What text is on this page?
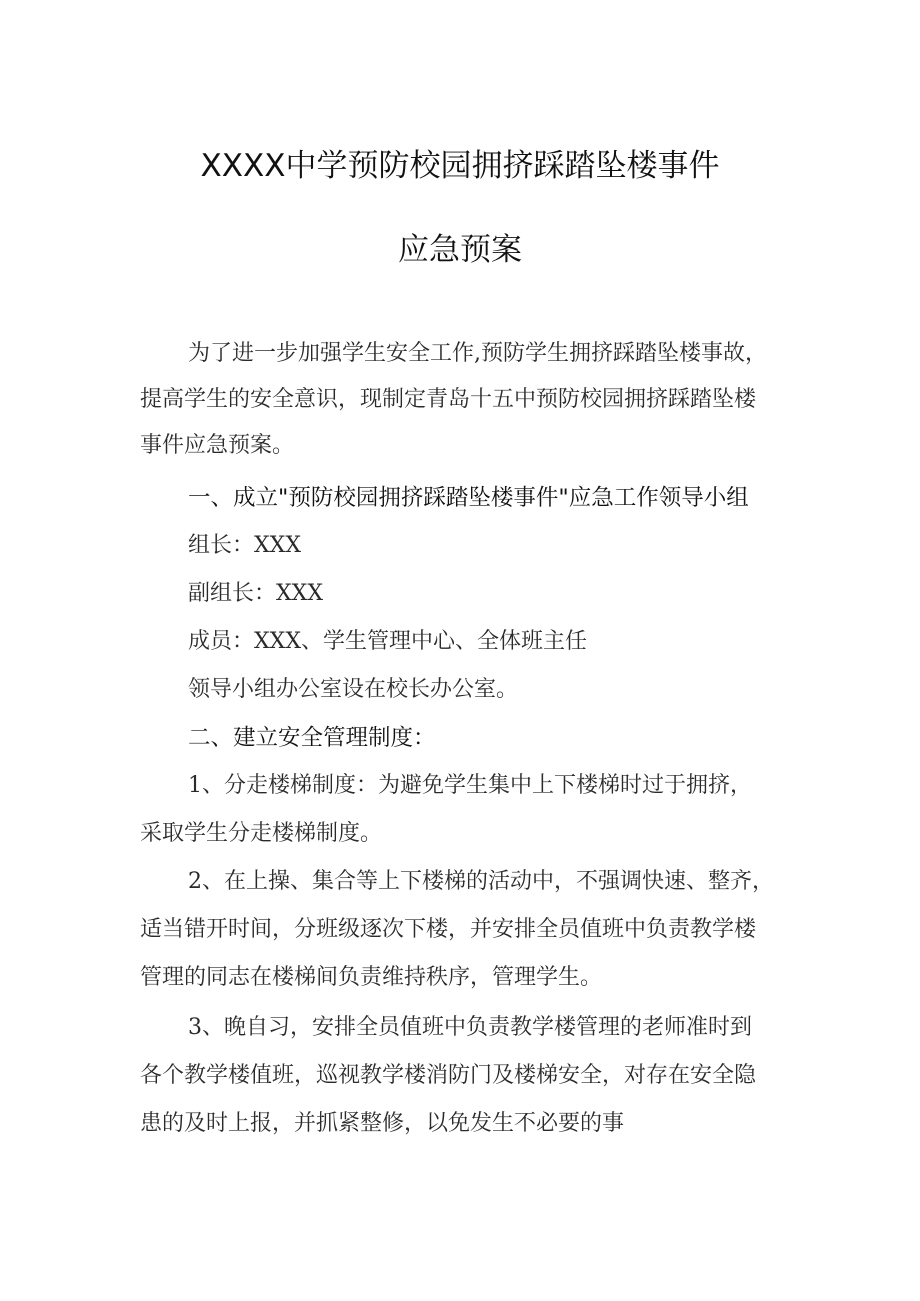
XXXX中学预防校园拥挤踩踏坠楼事件
应急预案
为了进一步加强学生安全工作,预防学生拥挤踩踏坠楼事故，
提高学生的安全意识，现制定青岛十五中预防校园拥挤踩踏坠楼
事件应急预案。
一、成立"预防校园拥挤踩踏坠楼事件"应急工作领导小组
组长：XXX
副组长：XXX
成员：XXX、学生管理中心、全体班主任
领导小组办公室设在校长办公室。
二、建立安全管理制度：
1、分走楼梯制度：为避免学生集中上下楼梯时过于拥挤，
采取学生分走楼梯制度。
2、在上操、集合等上下楼梯的活动中，不强调快速、整齐，
适当错开时间，分班级逐次下楼，并安排全员值班中负责教学楼
管理的同志在楼梯间负责维持秩序，管理学生。
3、晚自习，安排全员值班中负责教学楼管理的老师准时到
各个教学楼值班，巡视教学楼消防门及楼梯安全，对存在安全隐
患的及时上报，并抓紧整修，以免发生不必要的事
